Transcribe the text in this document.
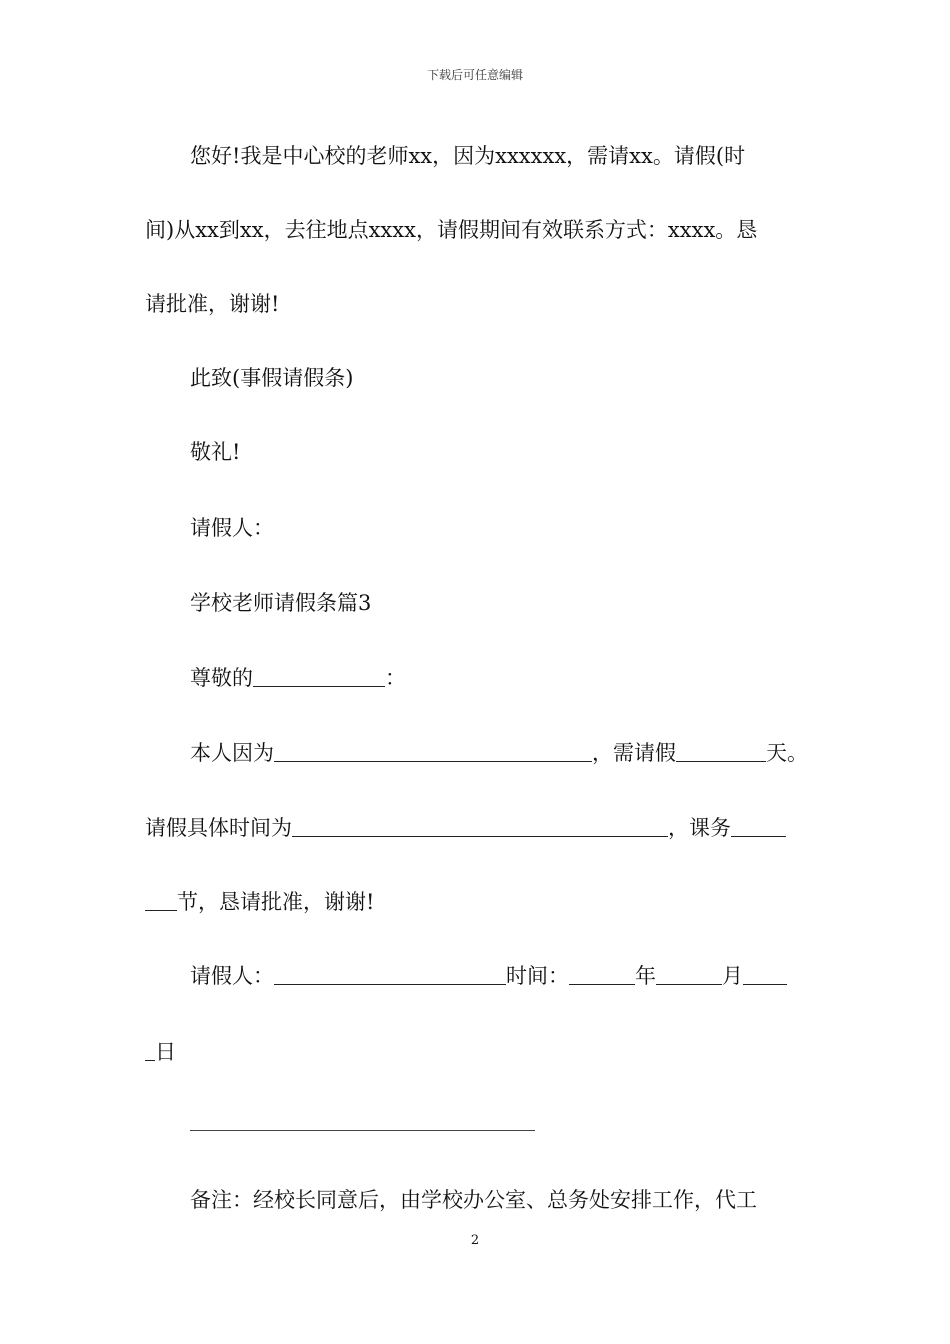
下载后可任意编辑
您好!我是中心校的老师xx，因为xxxxxx，需请xx。请假(时
间)从xx到xx，去往地点xxxx，请假期间有效联系方式：xxxx。恳
请批准，谢谢!
此致(事假请假条)
敬礼!
请假人：
学校老师请假条篇3
尊敬的	：
本人因为	，需请假	天。
请假具体时间为	，课务
节，恳请批准，谢谢!
请假人：	时间：	年	月
日
备注：经校长同意后，由学校办公室、总务处安排工作，代工
2
